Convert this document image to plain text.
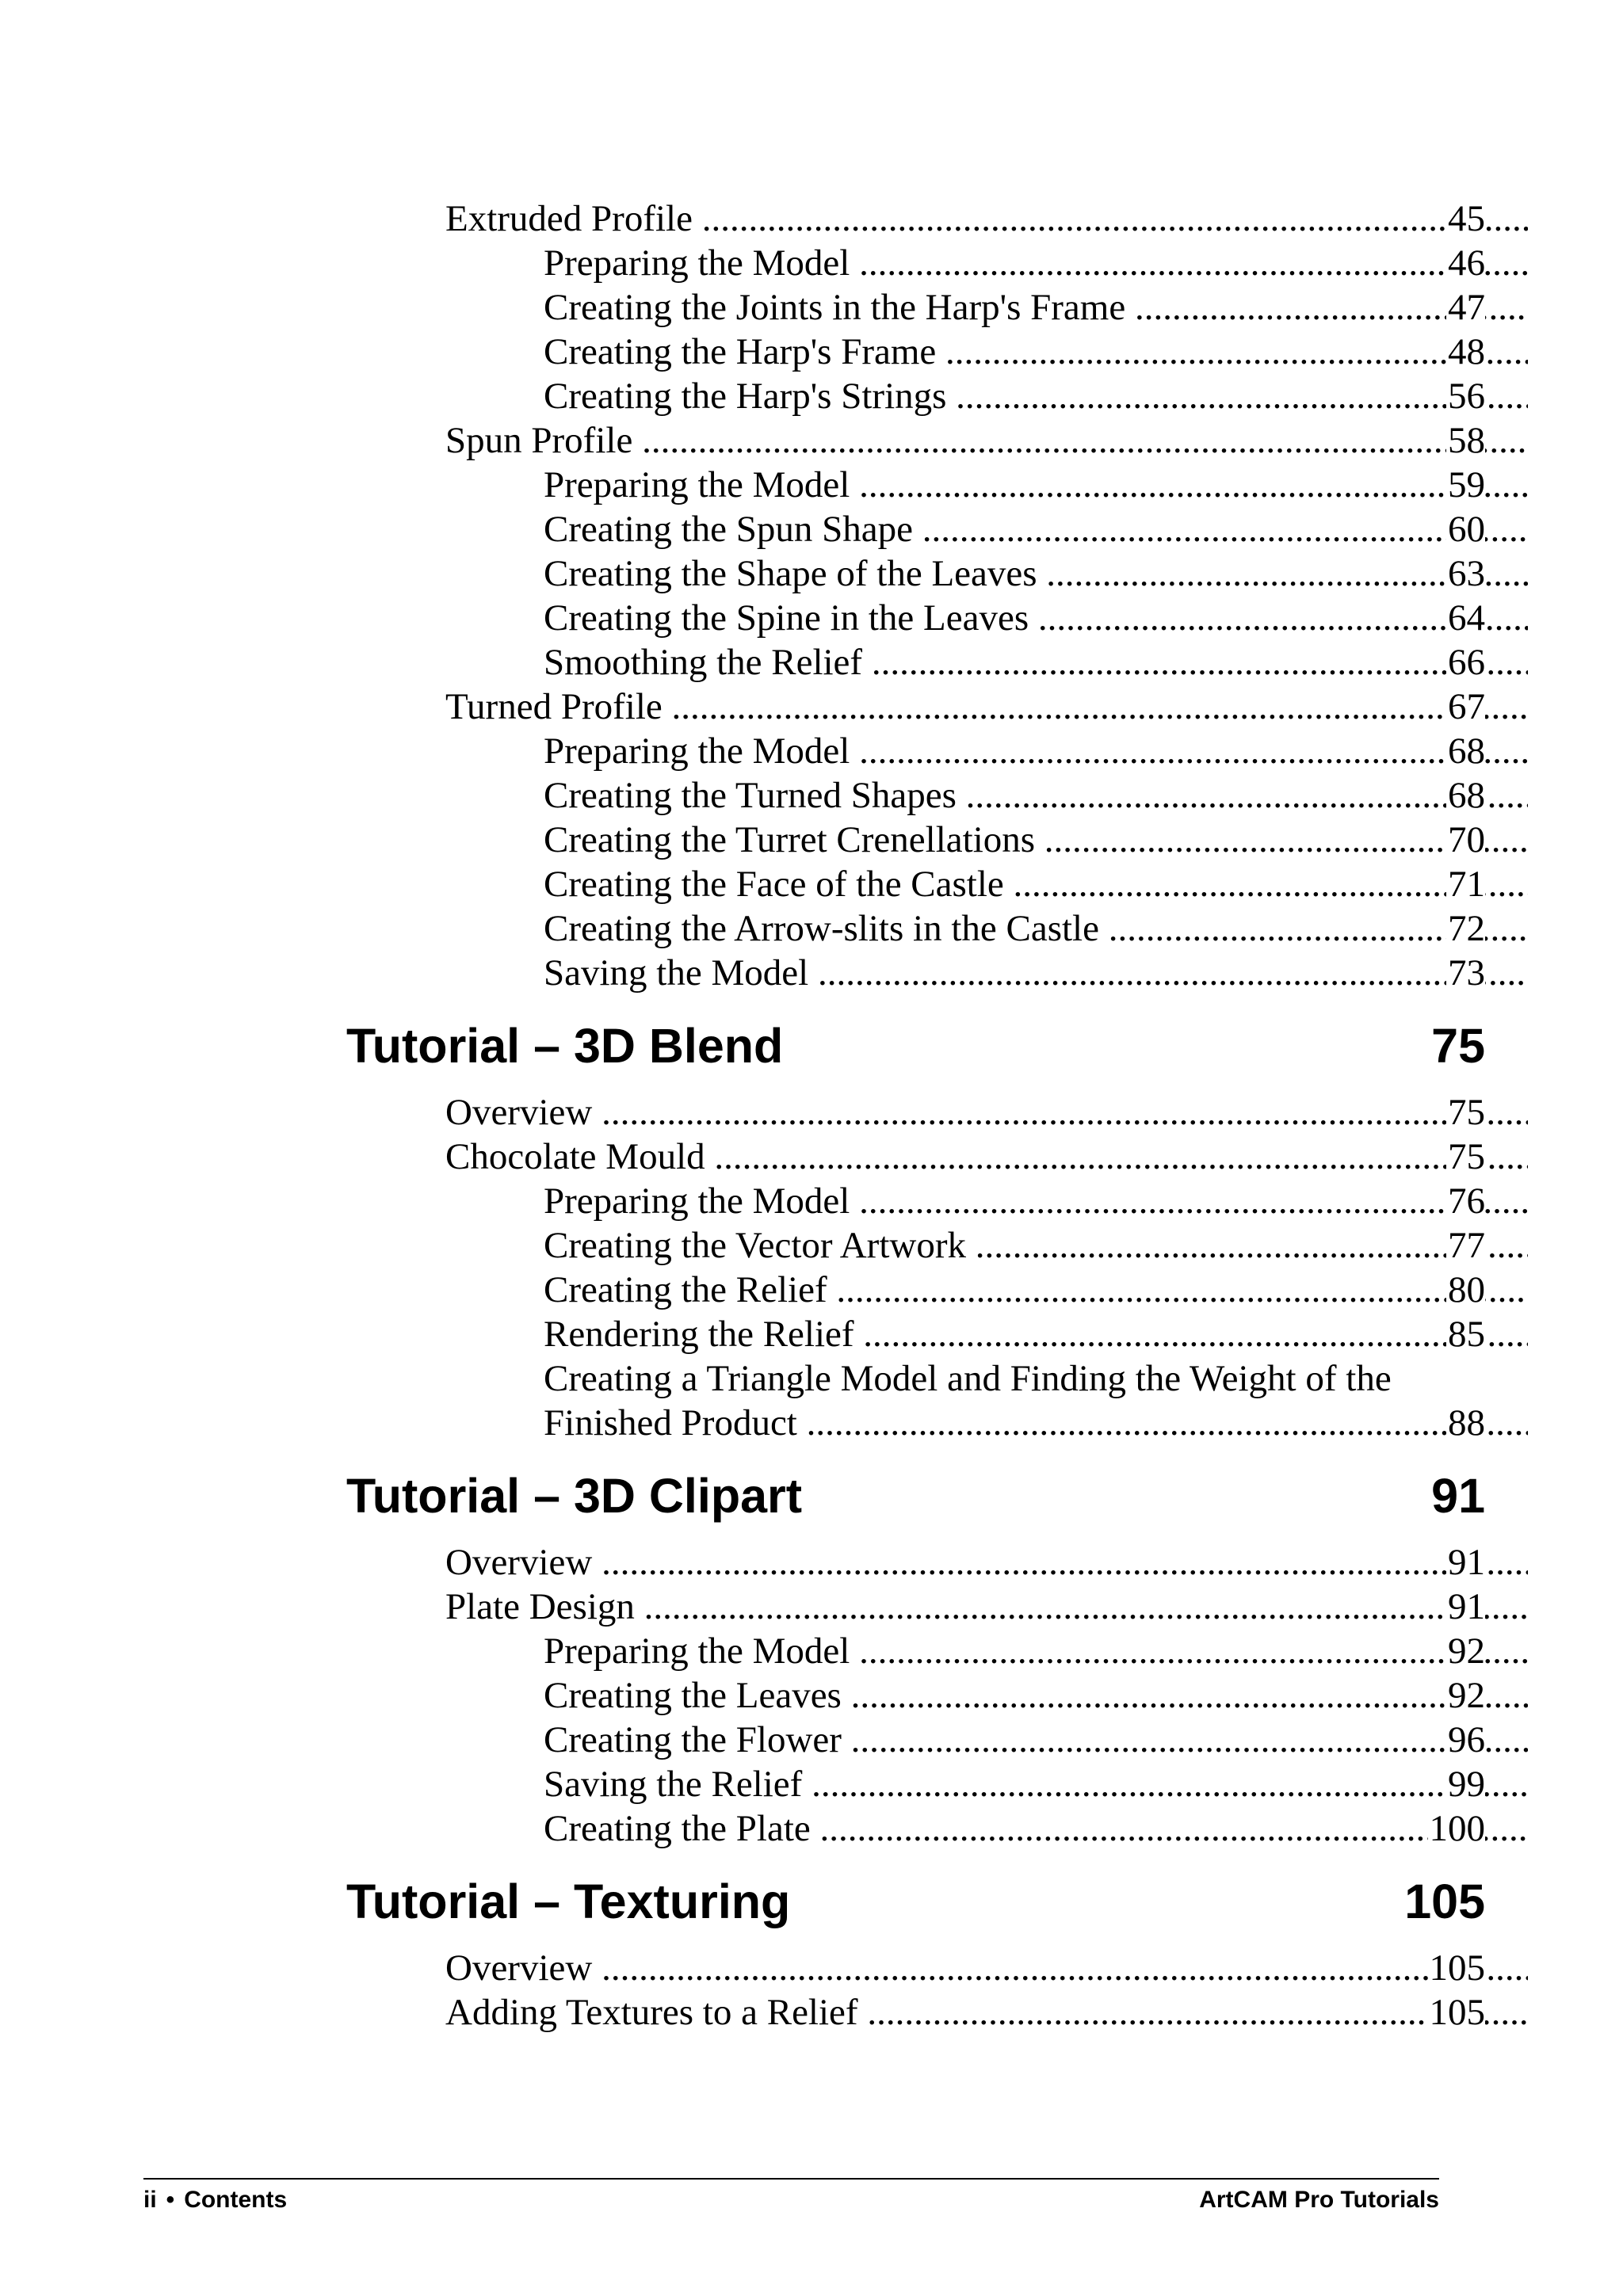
Extruded Profile .....	45
Preparing the Model .....	46
Creating the Joints in the Harp's Frame .....	47
Creating the Harp's Frame .....	48
Creating the Harp's Strings .....	56
Spun Profile .....	58
Preparing the Model .....	59
Creating the Spun Shape .....	60
Creating the Shape of the Leaves .....	63
Creating the Spine in the Leaves .....	64
Smoothing the Relief .....	66
Turned Profile .....	67
Preparing the Model .....	68
Creating the Turned Shapes .....	68
Creating the Turret Crenellations .....	70
Creating the Face of the Castle .....	71
Creating the Arrow-slits in the Castle .....	72
Saving the Model .....	73
Tutorial – 3D Blend	75
Overview .....	75
Chocolate Mould .....	75
Preparing the Model .....	76
Creating the Vector Artwork .....	77
Creating the Relief .....	80
Rendering the Relief .....	85
Creating a Triangle Model and Finding the Weight of the
Finished Product .....	88
Tutorial – 3D Clipart	91
Overview .....	91
Plate Design .....	91
Preparing the Model .....	92
Creating the Leaves .....	92
Creating the Flower .....	96
Saving the Relief .....	99
Creating the Plate .....	100
Tutorial – Texturing	105
Overview .....	105
Adding Textures to a Relief .....	105
ii • Contents	ArtCAM Pro Tutorials
